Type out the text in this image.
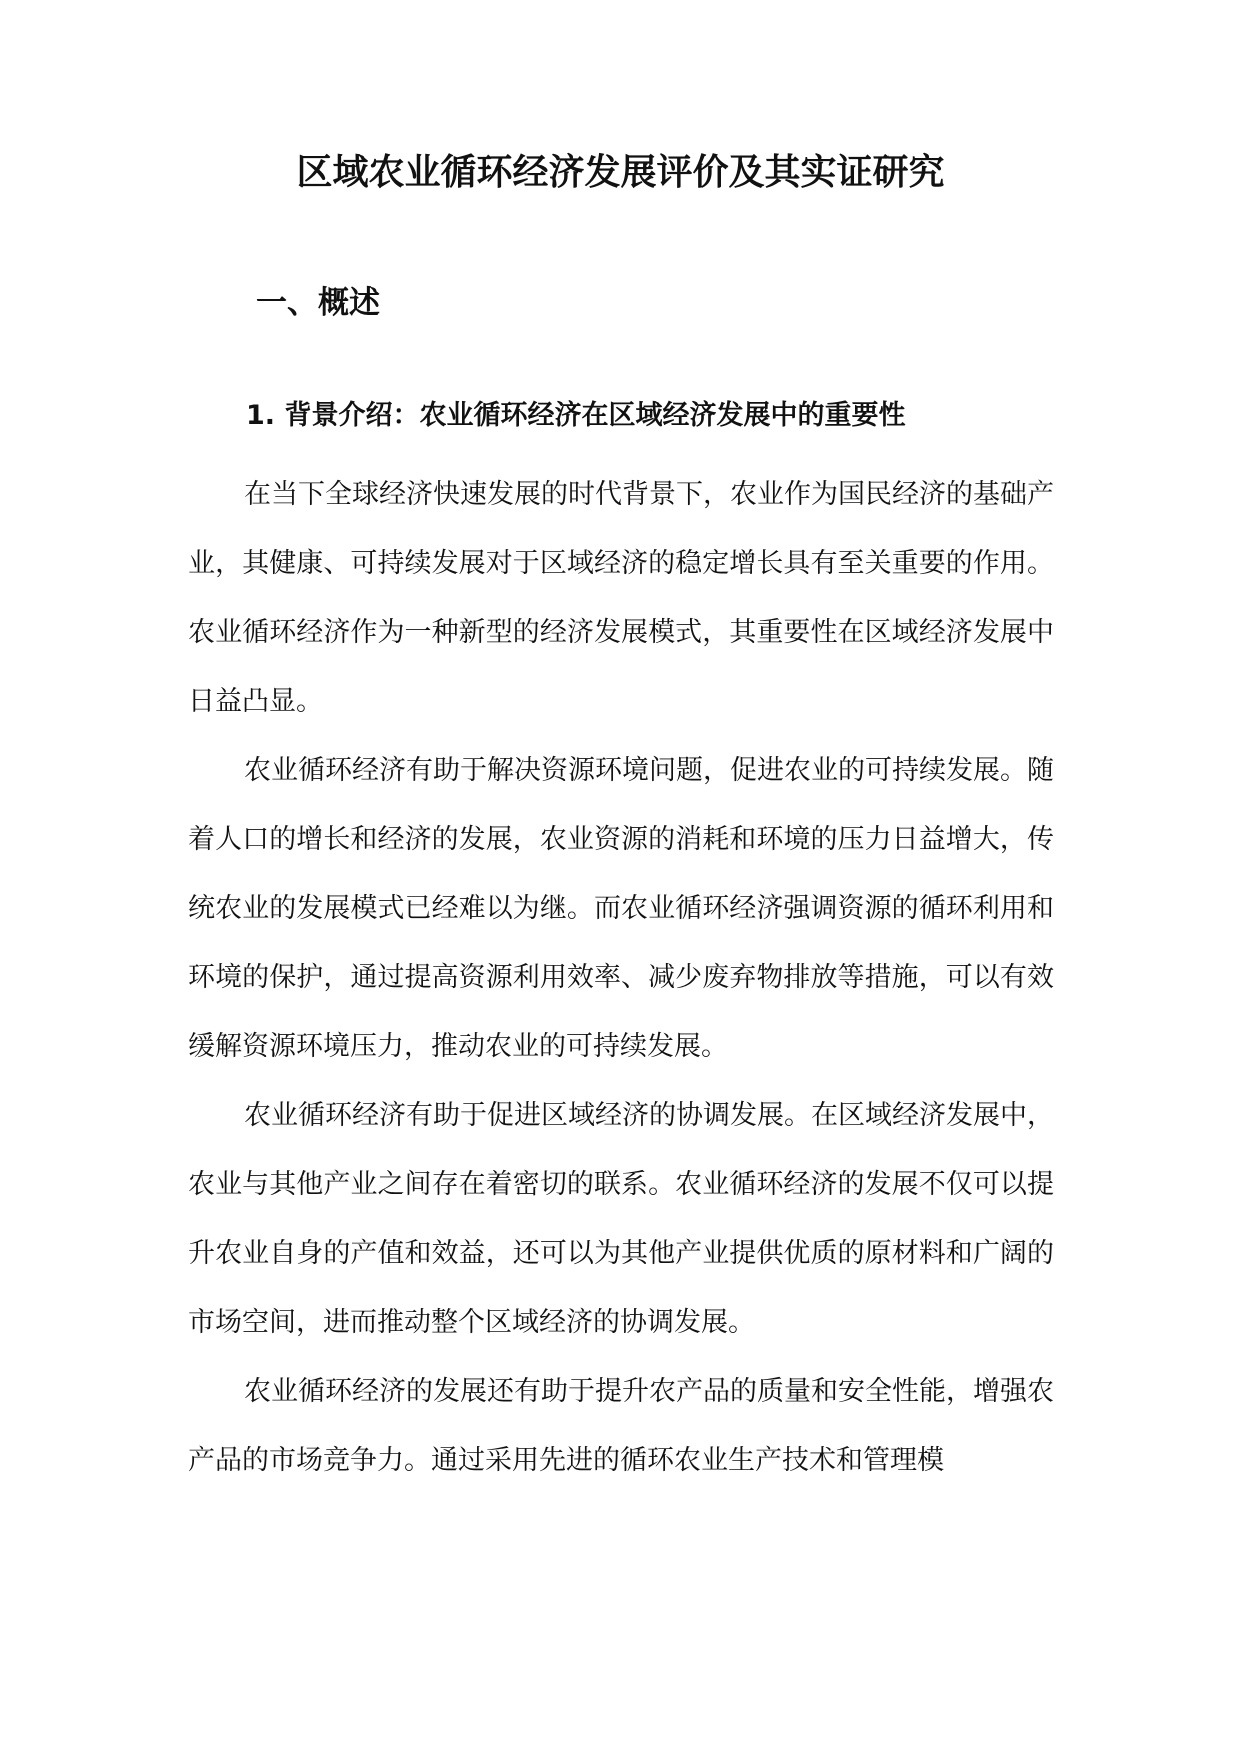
区域农业循环经济发展评价及其实证研究
一、概述
1. 背景介绍：农业循环经济在区域经济发展中的重要性

在当下全球经济快速发展的时代背景下，农业作为国民经济的基础产业，其健康、可持续发展对于区域经济的稳定增长具有至关重要的作用。农业循环经济作为一种新型的经济发展模式，其重要性在区域经济发展中日益凸显。

农业循环经济有助于解决资源环境问题，促进农业的可持续发展。随着人口的增长和经济的发展，农业资源的消耗和环境的压力日益增大，传统农业的发展模式已经难以为继。而农业循环经济强调资源的循环利用和环境的保护，通过提高资源利用效率、减少废弃物排放等措施，可以有效缓解资源环境压力，推动农业的可持续发展。

农业循环经济有助于促进区域经济的协调发展。在区域经济发展中，农业与其他产业之间存在着密切的联系。农业循环经济的发展不仅可以提升农业自身的产值和效益，还可以为其他产业提供优质的原材料和广阔的市场空间，进而推动整个区域经济的协调发展。

农业循环经济的发展还有助于提升农产品的质量和安全性能，增强农产品的市场竞争力。通过采用先进的循环农业生产技术和管理模
